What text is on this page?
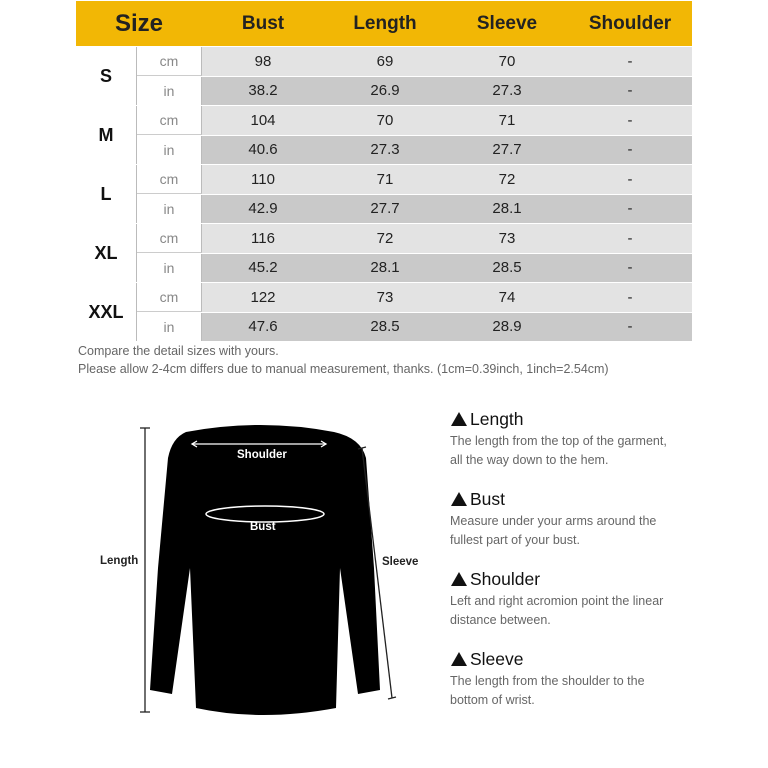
Size	Bust	Length	Sleeve	Shoulder
S
cm	98	69	70	-
in	38.2	26.9	27.3	-
M
cm	104	70	71	-
in	40.6	27.3	27.7	-
L
cm	110	71	72	-
in	42.9	27.7	28.1	-
XL
cm	116	72	73	-
in	45.2	28.1	28.5	-
XXL
cm	122	73	74	-
in	47.6	28.5	28.9	-
Compare the detail sizes with yours.
Please allow 2-4cm differs due to manual measurement, thanks. (1cm=0.39inch, 1inch=2.54cm)
Shoulder
Bust
Length	Sleeve
Length
The length from the top of the garment,
all the way down to the hem.
Bust
Measure under your arms around the
fullest part of your bust.
Shoulder
Left and right acromion point the linear
distance between.
Sleeve
The length from the shoulder to the
bottom of wrist.
